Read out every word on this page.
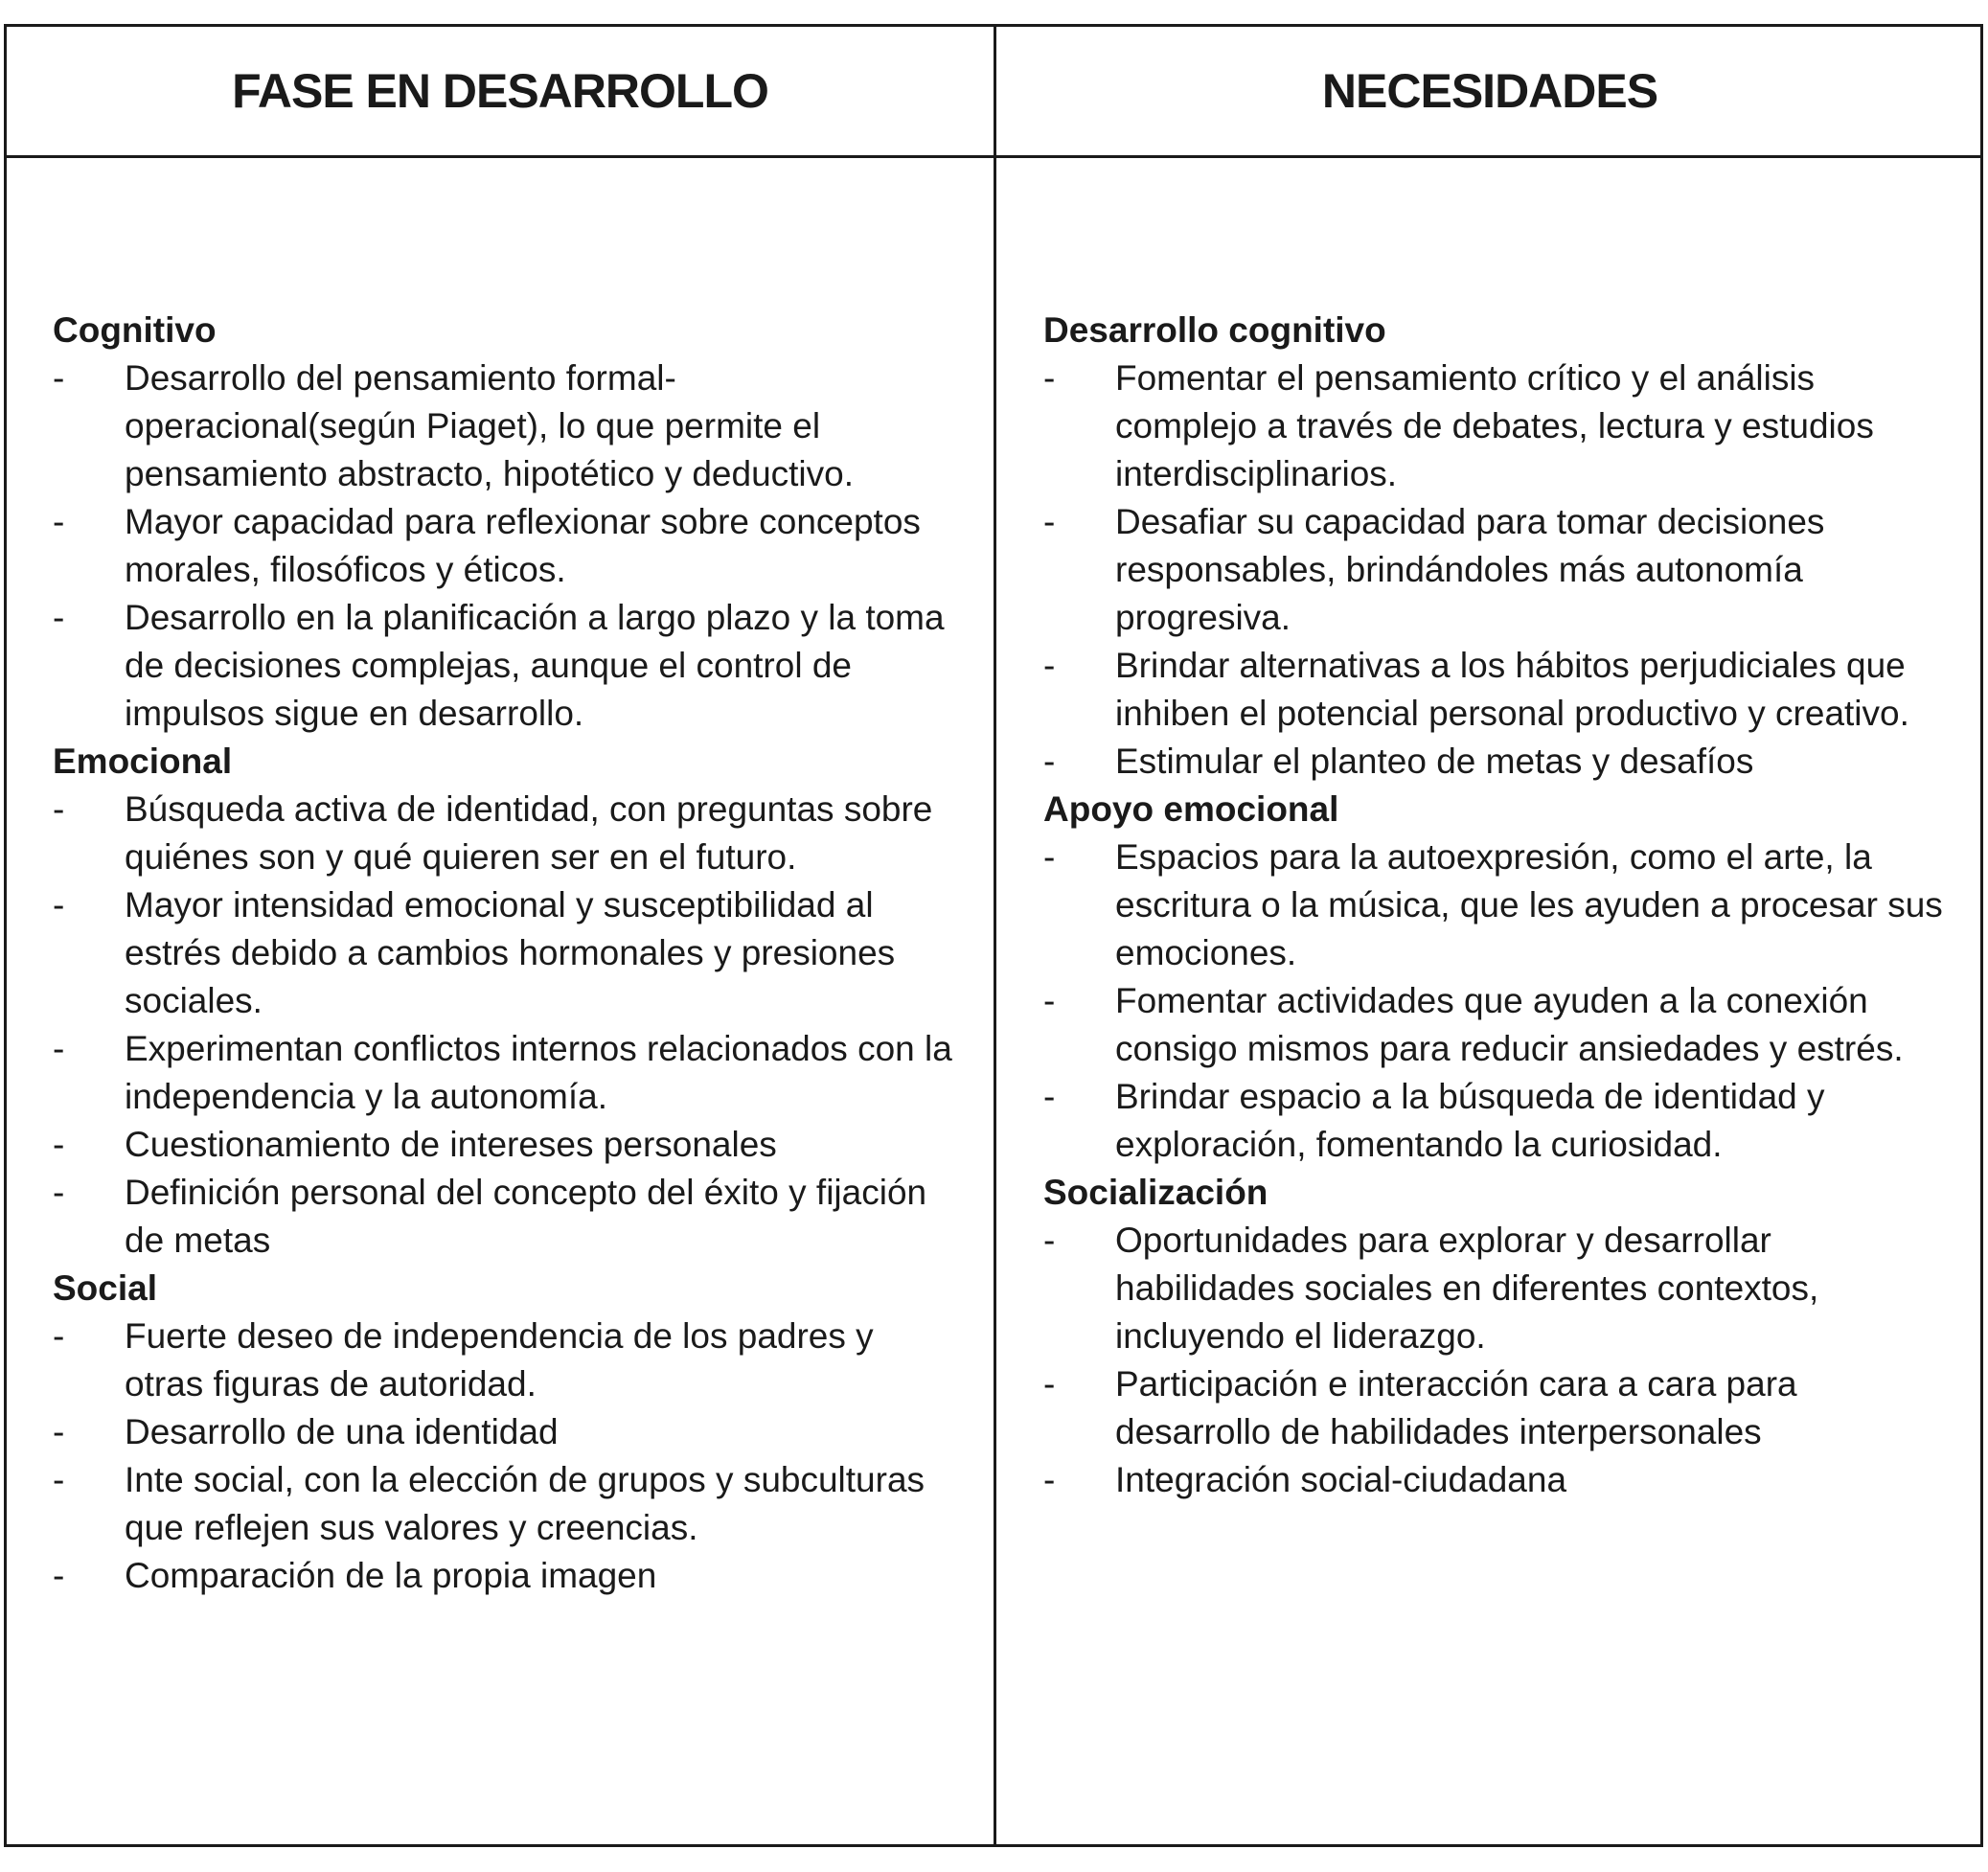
FASE EN DESARROLLO	NECESIDADES

Cognitivo

- Desarrollo del pensamiento formal-operacional(según Piaget), lo que permite el pensamiento abstracto, hipotético y deductivo.
- Mayor capacidad para reflexionar sobre conceptos morales, filosóficos y éticos.
- Desarrollo en la planificación a largo plazo y la toma de decisiones complejas, aunque el control de impulsos sigue en desarrollo.

Emocional

- Búsqueda activa de identidad, con preguntas sobre quiénes son y qué quieren ser en el futuro.
- Mayor intensidad emocional y susceptibilidad al estrés debido a cambios hormonales y presiones sociales.
- Experimentan conflictos internos relacionados con la independencia y la autonomía.
- Cuestionamiento de intereses personales
- Definición personal del concepto del éxito y fijación de metas

Social

- Fuerte deseo de independencia de los padres y otras figuras de autoridad.
- Desarrollo de una identidad
- Inte social, con la elección de grupos y subculturas que reflejen sus valores y creencias.
- Comparación de la propia imagen

Desarrollo cognitivo

- Fomentar el pensamiento crítico y el análisis complejo a través de debates, lectura y estudios interdisciplinarios.
- Desafiar su capacidad para tomar decisiones responsables, brindándoles más autonomía progresiva.
- Brindar alternativas a los hábitos perjudiciales que inhiben el potencial personal productivo y creativo.
- Estimular el planteo de metas y desafíos

Apoyo emocional

- Espacios para la autoexpresión, como el arte, la escritura o la música, que les ayuden a procesar sus emociones.
- Fomentar actividades que ayuden a la conexión consigo mismos para reducir ansiedades y estrés.
- Brindar espacio a la búsqueda de identidad y exploración, fomentando la curiosidad.

Socialización

- Oportunidades para explorar y desarrollar habilidades sociales en diferentes contextos, incluyendo el liderazgo.
- Participación e interacción cara a cara para desarrollo de habilidades interpersonales
- Integración social-ciudadana
